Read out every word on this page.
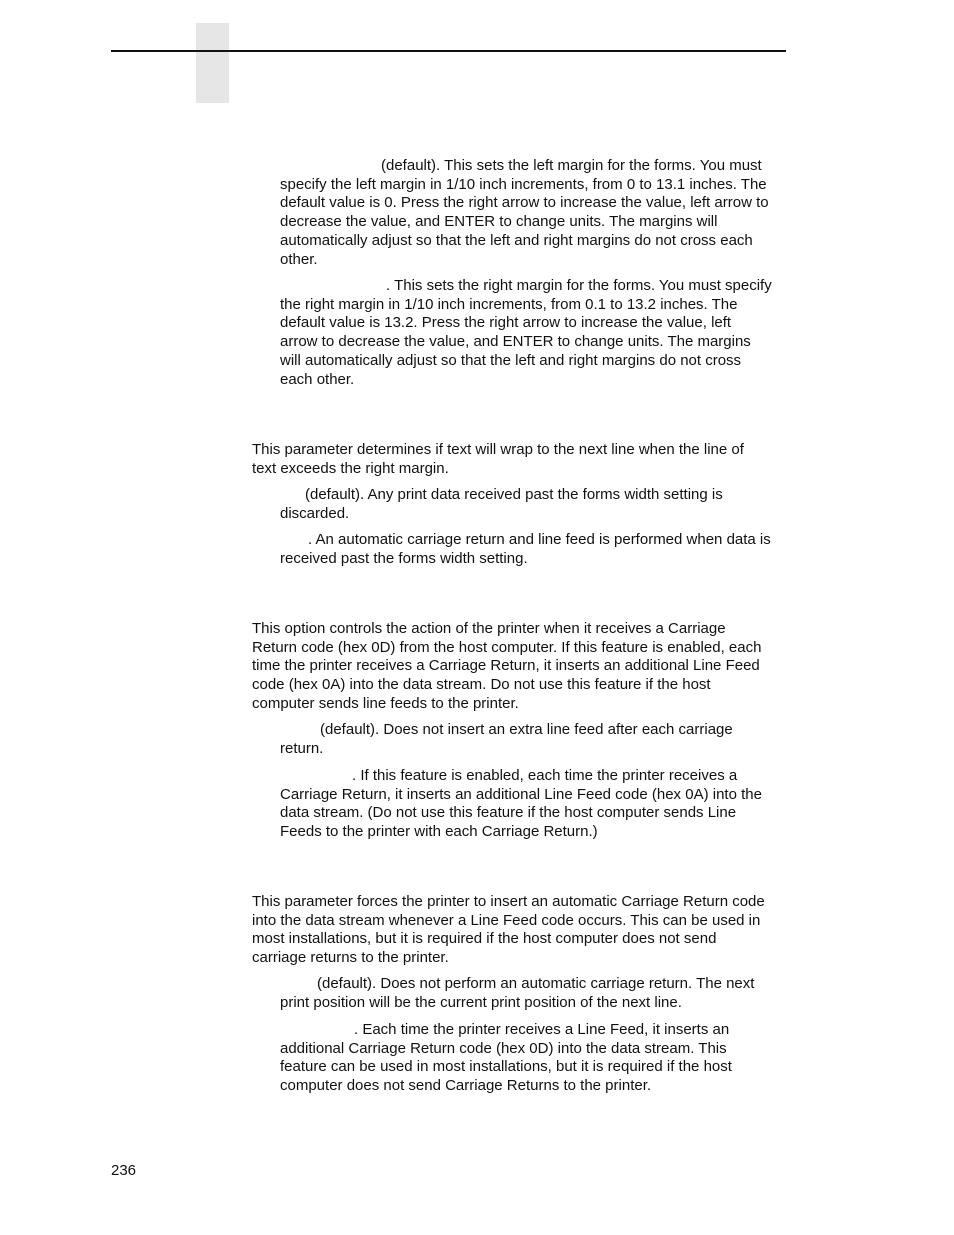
(default). This sets the left margin for the forms. You must
specify the left margin in 1/10 inch increments, from 0 to 13.1 inches. The
default value is 0. Press the right arrow to increase the value, left arrow to
decrease the value, and ENTER to change units. The margins will
automatically adjust so that the left and right margins do not cross each
other.

. This sets the right margin for the forms. You must specify
the right margin in 1/10 inch increments, from 0.1 to 13.2 inches. The
default value is 13.2. Press the right arrow to increase the value, left
arrow to decrease the value, and ENTER to change units. The margins
will automatically adjust so that the left and right margins do not cross
each other.

This parameter determines if text will wrap to the next line when the line of
text exceeds the right margin.

(default). Any print data received past the forms width setting is
discarded.

. An automatic carriage return and line feed is performed when data is
received past the forms width setting.

This option controls the action of the printer when it receives a Carriage
Return code (hex 0D) from the host computer. If this feature is enabled, each
time the printer receives a Carriage Return, it inserts an additional Line Feed
code (hex 0A) into the data stream. Do not use this feature if the host
computer sends line feeds to the printer.

(default). Does not insert an extra line feed after each carriage
return.

. If this feature is enabled, each time the printer receives a
Carriage Return, it inserts an additional Line Feed code (hex 0A) into the
data stream. (Do not use this feature if the host computer sends Line
Feeds to the printer with each Carriage Return.)

This parameter forces the printer to insert an automatic Carriage Return code
into the data stream whenever a Line Feed code occurs. This can be used in
most installations, but it is required if the host computer does not send
carriage returns to the printer.

(default). Does not perform an automatic carriage return. The next
print position will be the current print position of the next line.

. Each time the printer receives a Line Feed, it inserts an
additional Carriage Return code (hex 0D) into the data stream. This
feature can be used in most installations, but it is required if the host
computer does not send Carriage Returns to the printer.

236
